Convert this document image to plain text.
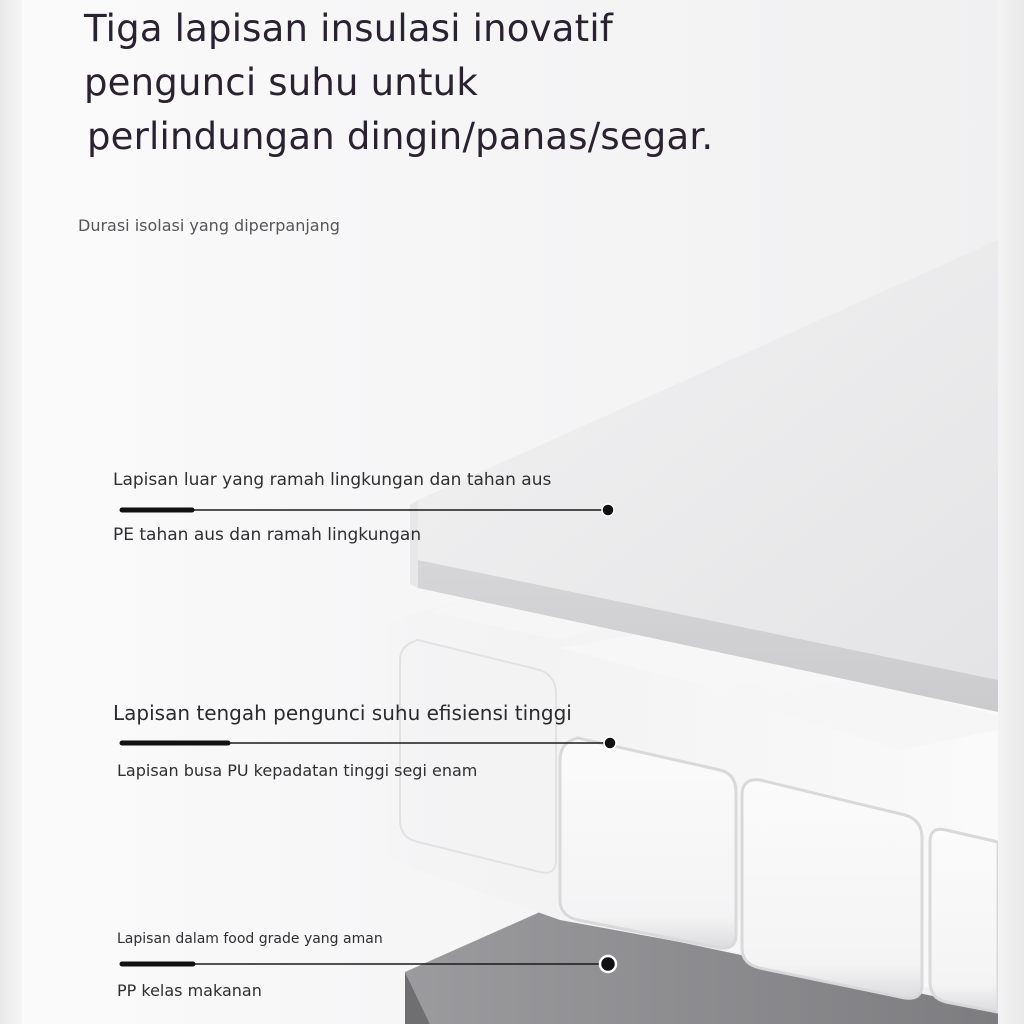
Tiga lapisan insulasi inovatif
pengunci suhu untuk
perlindungan dingin/panas/segar.
Durasi isolasi yang diperpanjang
Lapisan luar yang ramah lingkungan dan tahan aus
PE tahan aus dan ramah lingkungan
Lapisan tengah pengunci suhu efisiensi tinggi
Lapisan busa PU kepadatan tinggi segi enam
Lapisan dalam food grade yang aman
PP kelas makanan
